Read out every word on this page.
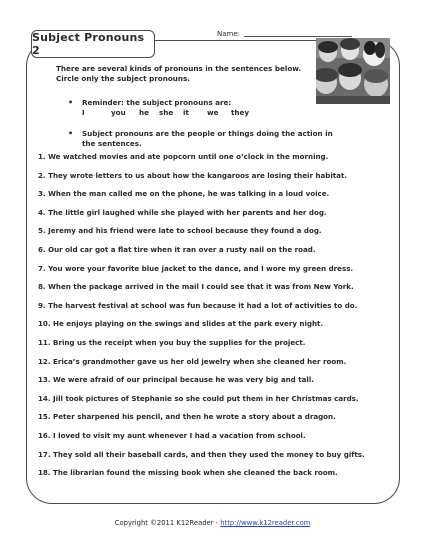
Name:
Subject Pronouns 2
There are several kinds of pronouns in the sentences below. Circle only the subject pronouns.
• Reminder: the subject pronouns are:
I	you	he	she	it	we	they
• Subject pronouns are the people or things doing the action in the sentences.
1. We watched movies and ate popcorn until one o’clock in the morning.
2. They wrote letters to us about how the kangaroos are losing their habitat.
3. When the man called me on the phone, he was talking in a loud voice.
4. The little girl laughed while she played with her parents and her dog.
5. Jeremy and his friend were late to school because they found a dog.
6. Our old car got a flat tire when it ran over a rusty nail on the road.
7. You wore your favorite blue jacket to the dance, and I wore my green dress.
8. When the package arrived in the mail I could see that it was from New York.
9. The harvest festival at school was fun because it had a lot of activities to do.
10. He enjoys playing on the swings and slides at the park every night.
11. Bring us the receipt when you buy the supplies for the project.
12. Erica’s grandmother gave us her old jewelry when she cleaned her room.
13. We were afraid of our principal because he was very big and tall.
14. Jill took pictures of Stephanie so she could put them in her Christmas cards.
15. Peter sharpened his pencil, and then he wrote a story about a dragon.
16. I loved to visit my aunt whenever I had a vacation from school.
17. They sold all their baseball cards, and then they used the money to buy gifts.
18. The librarian found the missing book when she cleaned the back room.
Copyright ©2011 K12Reader - http://www.k12reader.com
